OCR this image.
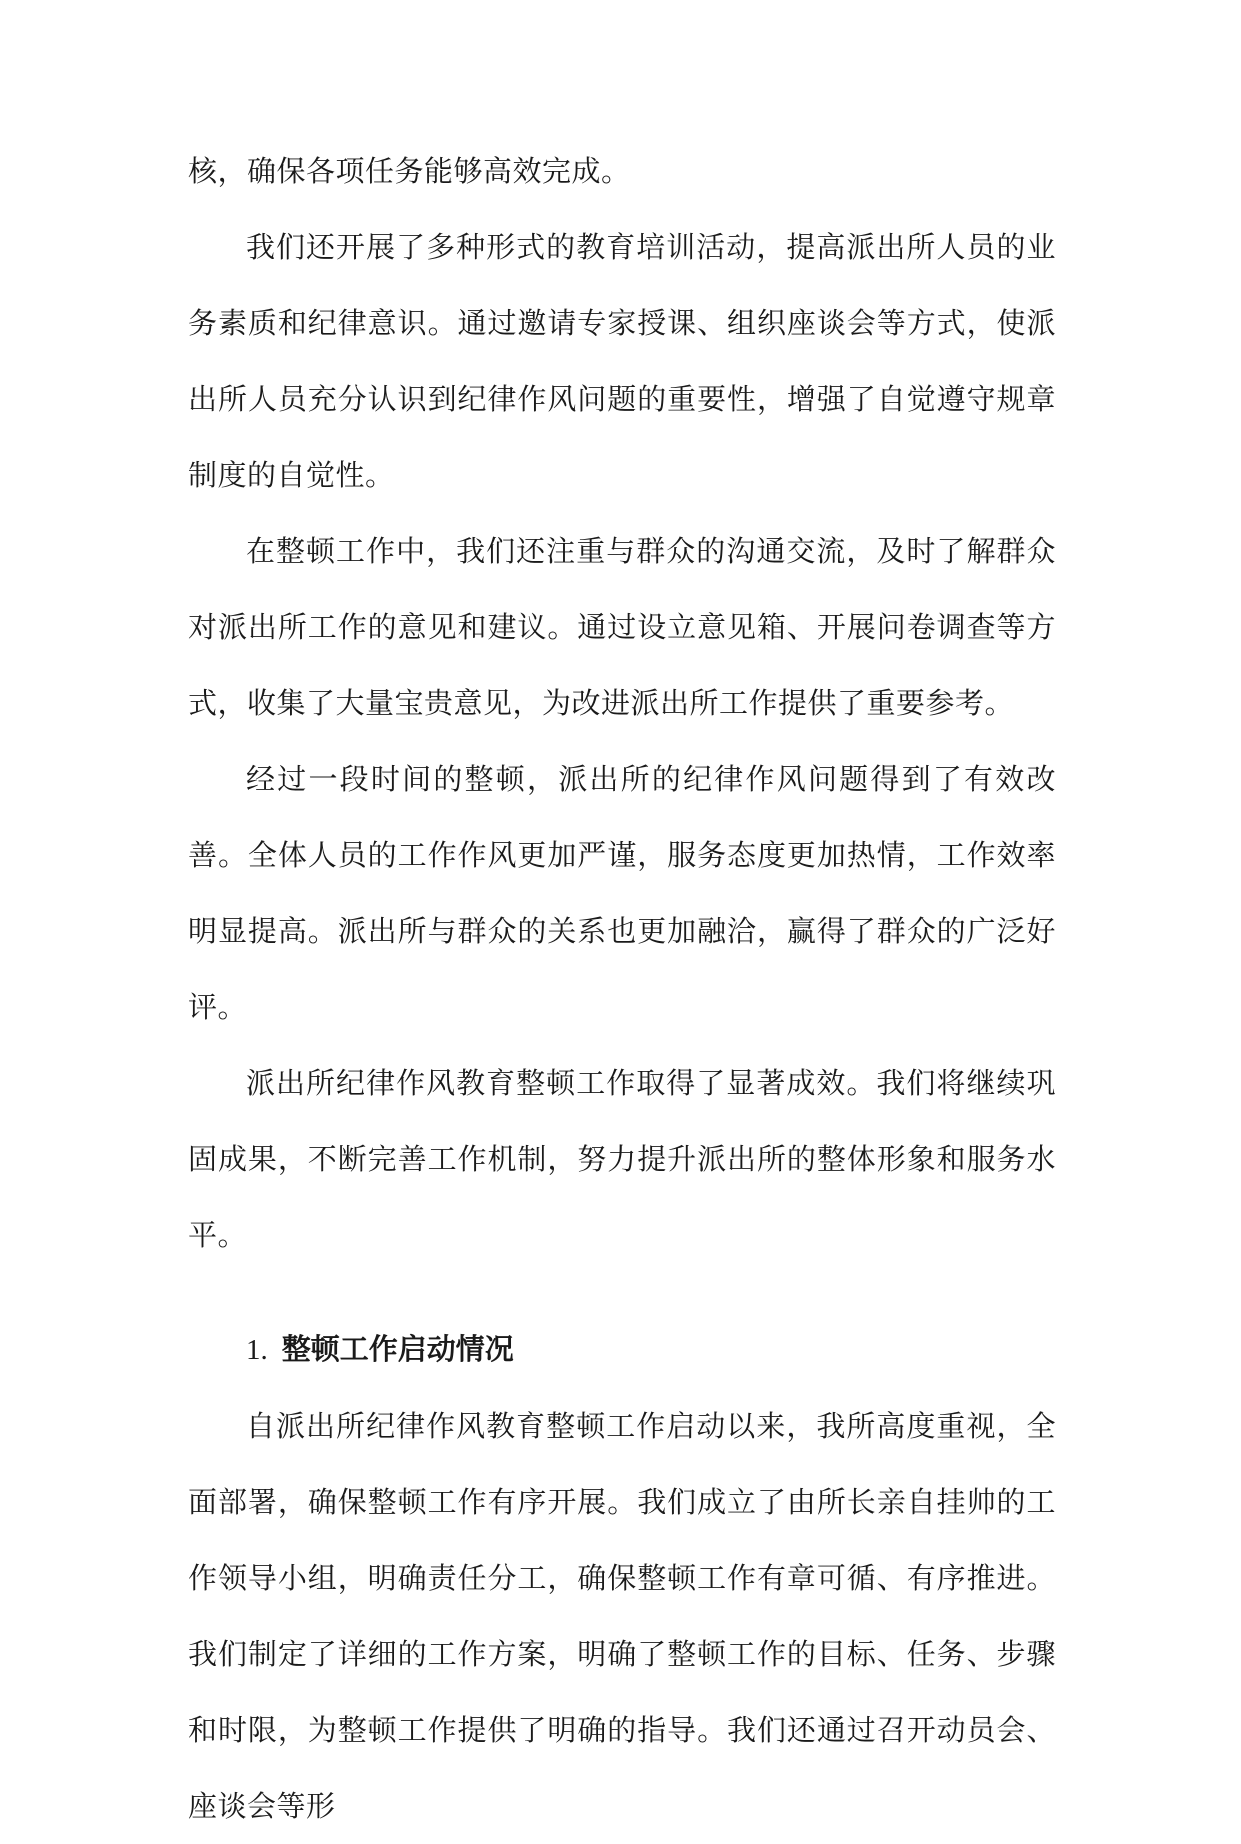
核，确保各项任务能够高效完成。

我们还开展了多种形式的教育培训活动，提高派出所人员的业务素质和纪律意识。通过邀请专家授课、组织座谈会等方式，使派出所人员充分认识到纪律作风问题的重要性，增强了自觉遵守规章制度的自觉性。

在整顿工作中，我们还注重与群众的沟通交流，及时了解群众对派出所工作的意见和建议。通过设立意见箱、开展问卷调查等方式，收集了大量宝贵意见，为改进派出所工作提供了重要参考。

经过一段时间的整顿，派出所的纪律作风问题得到了有效改善。全体人员的工作作风更加严谨，服务态度更加热情，工作效率明显提高。派出所与群众的关系也更加融洽，赢得了群众的广泛好评。

派出所纪律作风教育整顿工作取得了显著成效。我们将继续巩固成果，不断完善工作机制，努力提升派出所的整体形象和服务水平。

1. 整顿工作启动情况

自派出所纪律作风教育整顿工作启动以来，我所高度重视，全面部署，确保整顿工作有序开展。我们成立了由所长亲自挂帅的工作领导小组，明确责任分工，确保整顿工作有章可循、有序推进。我们制定了详细的工作方案，明确了整顿工作的目标、任务、步骤和时限，为整顿工作提供了明确的指导。我们还通过召开动员会、座谈会等形
